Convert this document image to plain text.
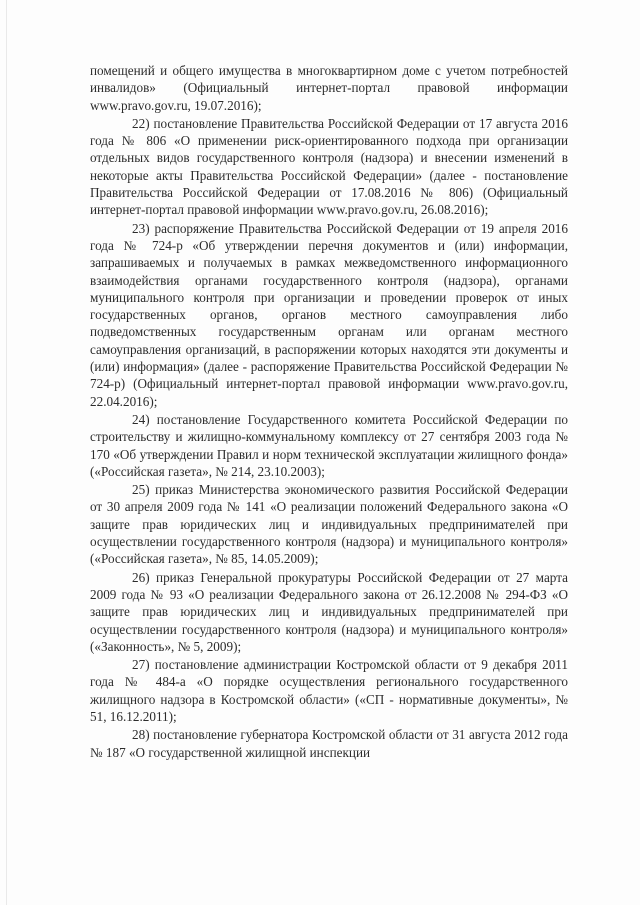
помещений и общего имущества в многоквартирном доме с учетом потребностей инвалидов» (Официальный интернет-портал правовой информации www.pravo.gov.ru, 19.07.2016);

22) постановление Правительства Российской Федерации от 17 августа 2016 года № 806 «О применении риск-ориентированного подхода при организации отдельных видов государственного контроля (надзора) и внесении изменений в некоторые акты Правительства Российской Федерации» (далее - постановление Правительства Российской Федерации от 17.08.2016 № 806) (Официальный интернет-портал правовой информации www.pravo.gov.ru, 26.08.2016);

23) распоряжение Правительства Российской Федерации от 19 апреля 2016 года № 724-р «Об утверждении перечня документов и (или) информации, запрашиваемых и получаемых в рамках межведомственного информационного взаимодействия органами государственного контроля (надзора), органами муниципального контроля при организации и проведении проверок от иных государственных органов, органов местного самоуправления либо подведомственных государственным органам или органам местного самоуправления организаций, в распоряжении которых находятся эти документы и (или) информация» (далее - распоряжение Правительства Российской Федерации № 724-р) (Официальный интернет-портал правовой информации www.pravo.gov.ru, 22.04.2016);

24) постановление Государственного комитета Российской Федерации по строительству и жилищно-коммунальному комплексу от 27 сентября 2003 года № 170 «Об утверждении Правил и норм технической эксплуатации жилищного фонда» («Российская газета», № 214, 23.10.2003);

25) приказ Министерства экономического развития Российской Федерации от 30 апреля 2009 года № 141 «О реализации положений Федерального закона «О защите прав юридических лиц и индивидуальных предпринимателей при осуществлении государственного контроля (надзора) и муниципального контроля» («Российская газета», № 85, 14.05.2009);

26) приказ Генеральной прокуратуры Российской Федерации от 27 марта 2009 года № 93 «О реализации Федерального закона от 26.12.2008 № 294-ФЗ «О защите прав юридических лиц и индивидуальных предпринимателей при осуществлении государственного контроля (надзора) и муниципального контроля» («Законность», № 5, 2009);

27) постановление администрации Костромской области от 9 декабря 2011 года № 484-а «О порядке осуществления регионального государственного жилищного надзора в Костромской области» («СП - нормативные документы», № 51, 16.12.2011);

28) постановление губернатора Костромской области от 31 августа 2012 года № 187 «О государственной жилищной инспекции
